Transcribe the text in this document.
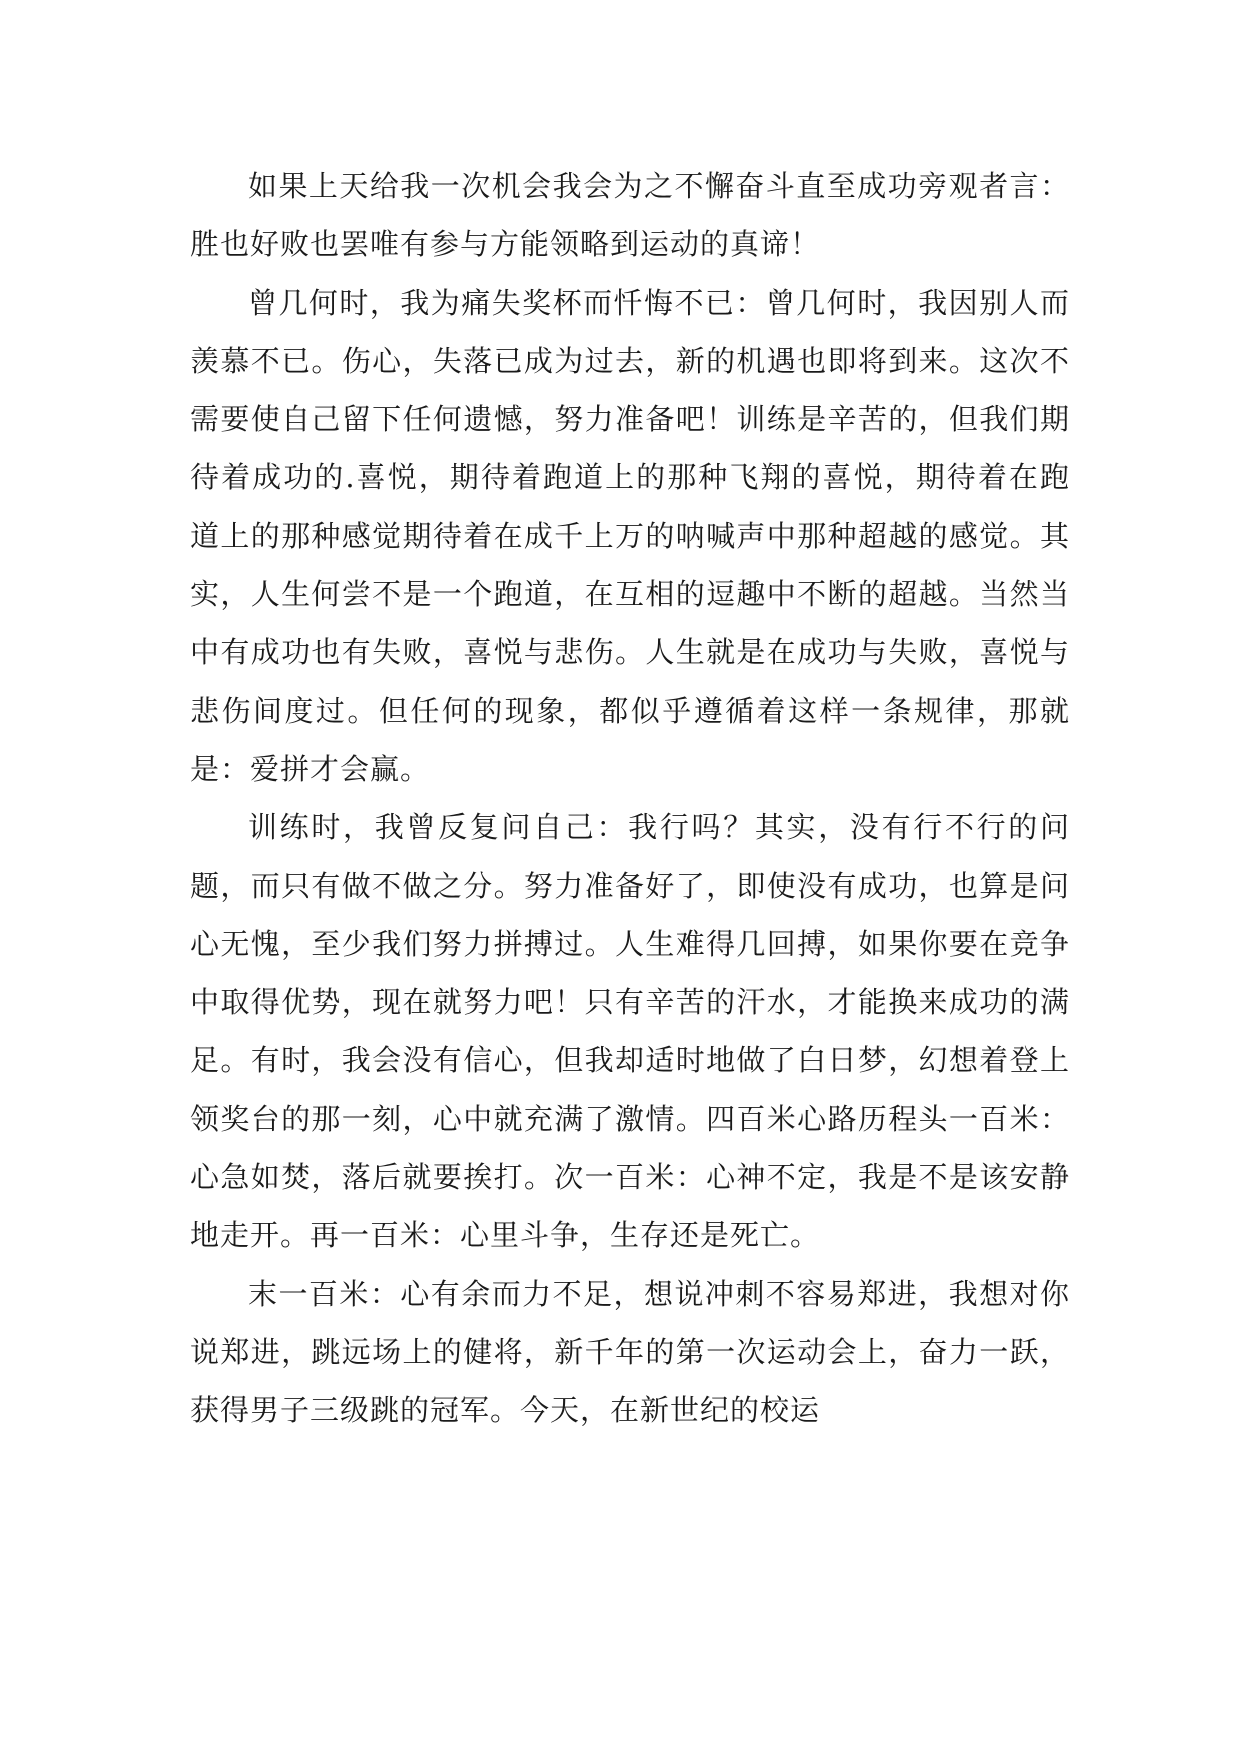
如果上天给我一次机会我会为之不懈奋斗直至成功旁观者言：胜也好败也罢唯有参与方能领略到运动的真谛！

曾几何时，我为痛失奖杯而忏悔不已：曾几何时，我因别人而羡慕不已。伤心，失落已成为过去，新的机遇也即将到来。这次不需要使自己留下任何遗憾，努力准备吧！训练是辛苦的，但我们期待着成功的.喜悦，期待着跑道上的那种飞翔的喜悦，期待着在跑道上的那种感觉期待着在成千上万的呐喊声中那种超越的感觉。其实，人生何尝不是一个跑道，在互相的逗趣中不断的超越。当然当中有成功也有失败，喜悦与悲伤。人生就是在成功与失败，喜悦与悲伤间度过。但任何的现象，都似乎遵循着这样一条规律，那就是：爱拼才会赢。

训练时，我曾反复问自己：我行吗？其实，没有行不行的问题，而只有做不做之分。努力准备好了，即使没有成功，也算是问心无愧，至少我们努力拼搏过。人生难得几回搏，如果你要在竞争中取得优势，现在就努力吧！只有辛苦的汗水，才能换来成功的满足。有时，我会没有信心，但我却适时地做了白日梦，幻想着登上领奖台的那一刻，心中就充满了激情。四百米心路历程头一百米：心急如焚，落后就要挨打。次一百米：心神不定，我是不是该安静地走开。再一百米：心里斗争，生存还是死亡。

末一百米：心有余而力不足，想说冲刺不容易郑进，我想对你说郑进，跳远场上的健将，新千年的第一次运动会上，奋力一跃，获得男子三级跳的冠军。今天，在新世纪的校运
